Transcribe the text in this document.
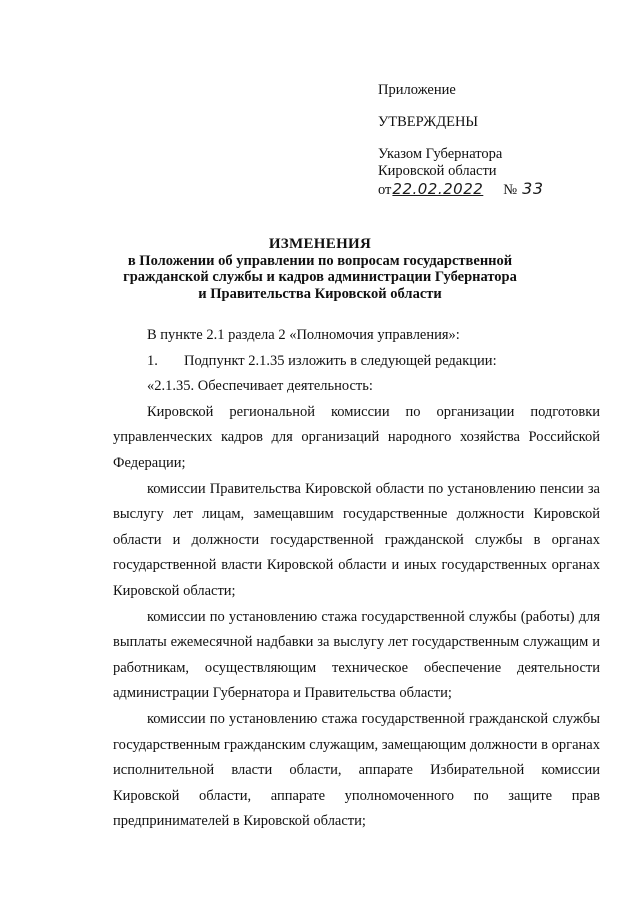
Приложение
УТВЕРЖДЕНЫ
Указом Губернатора
Кировской области
от22.02.2022 № 33
ИЗМЕНЕНИЯ
в Положении об управлении по вопросам государственной
гражданской службы и кадров администрации Губернатора
и Правительства Кировской области

В пункте 2.1 раздела 2 «Полномочия управления»:

1. Подпункт 2.1.35 изложить в следующей редакции:

«2.1.35. Обеспечивает деятельность:

Кировской региональной комиссии по организации подготовки управленческих кадров для организаций народного хозяйства Российской Федерации;

комиссии Правительства Кировской области по установлению пенсии за выслугу лет лицам, замещавшим государственные должности Кировской области и должности государственной гражданской службы в органах государственной власти Кировской области и иных государственных органах Кировской области;

комиссии по установлению стажа государственной службы (работы) для выплаты ежемесячной надбавки за выслугу лет государственным служащим и работникам, осуществляющим техническое обеспечение деятельности администрации Губернатора и Правительства области;

комиссии по установлению стажа государственной гражданской службы государственным гражданским служащим, замещающим должности в органах исполнительной власти области, аппарате Избирательной комиссии Кировской области, аппарате уполномоченного по защите прав предпринимателей в Кировской области;
